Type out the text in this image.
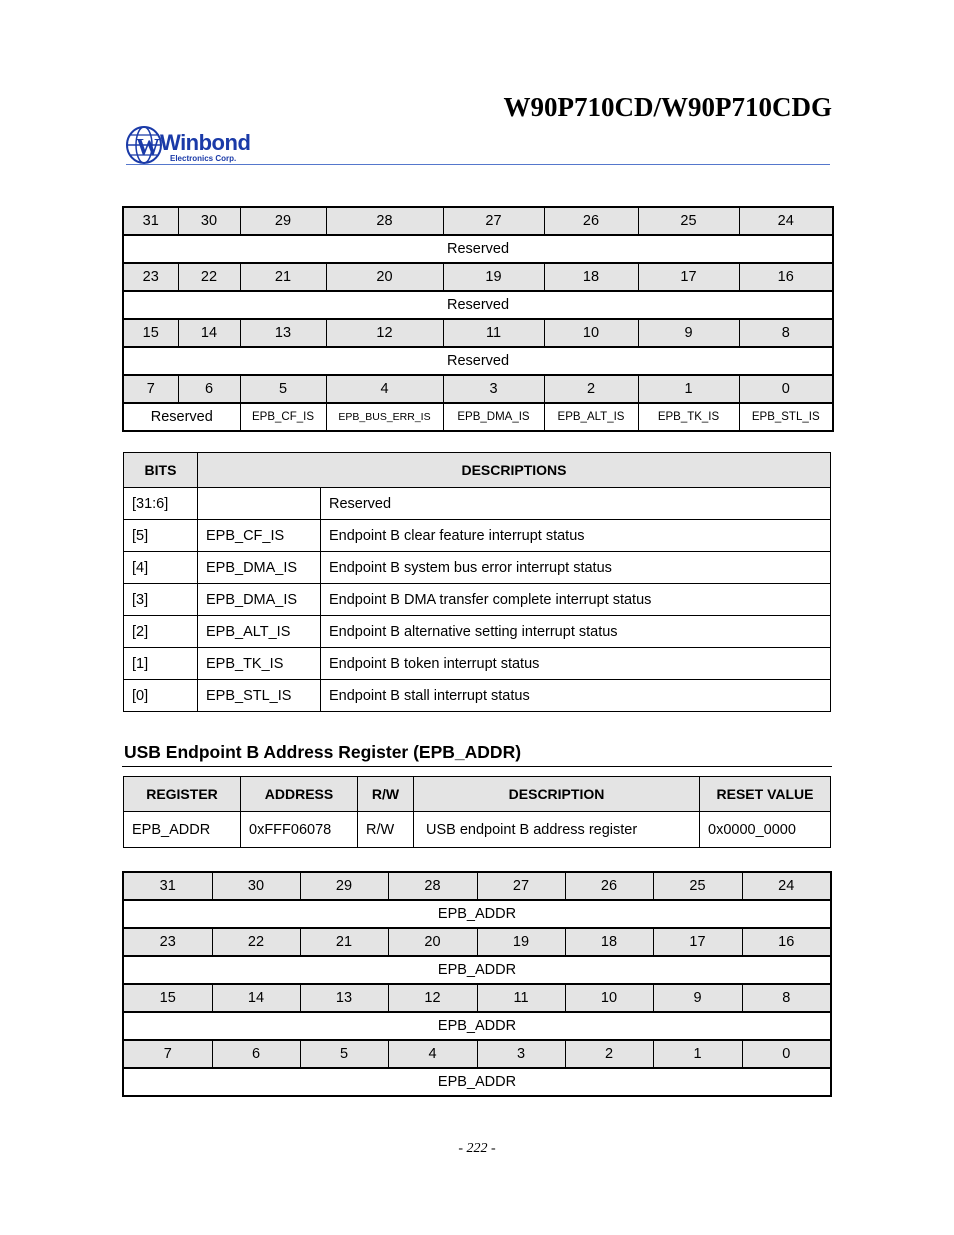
W90P710CD/W90P710CDG
W Winbond
Electronics Corp.
31	30	29	28	27	26	25	24
Reserved							
23	22	21	20	19	18	17	16
Reserved							
15	14	13	12	11	10	9	8
Reserved							
7	6	5	4	3	2	1	0
Reserved		EPB_CF_IS	EPB_BUS_ERR_IS	EPB_DMA_IS	EPB_ALT_IS	EPB_TK_IS	EPB_STL_IS
BITS	DESCRIPTIONS	
[31:6]		Reserved
[5]	EPB_CF_IS	Endpoint B clear feature interrupt status
[4]	EPB_DMA_IS	Endpoint B system bus error interrupt status
[3]	EPB_DMA_IS	Endpoint B DMA transfer complete interrupt status
[2]	EPB_ALT_IS	Endpoint B alternative setting interrupt status
[1]	EPB_TK_IS	Endpoint B token interrupt status
[0]	EPB_STL_IS	Endpoint B stall interrupt status
USB Endpoint B Address Register (EPB_ADDR)
REGISTER	ADDRESS	R/W	DESCRIPTION	RESET VALUE
EPB_ADDR	0xFFF06078	R/W	USB endpoint B address register	0x0000_0000
31	30	29	28	27	26	25	24
EPB_ADDR							
23	22	21	20	19	18	17	16
EPB_ADDR							
15	14	13	12	11	10	9	8
EPB_ADDR							
7	6	5	4	3	2	1	0
EPB_ADDR							
- 222 -
